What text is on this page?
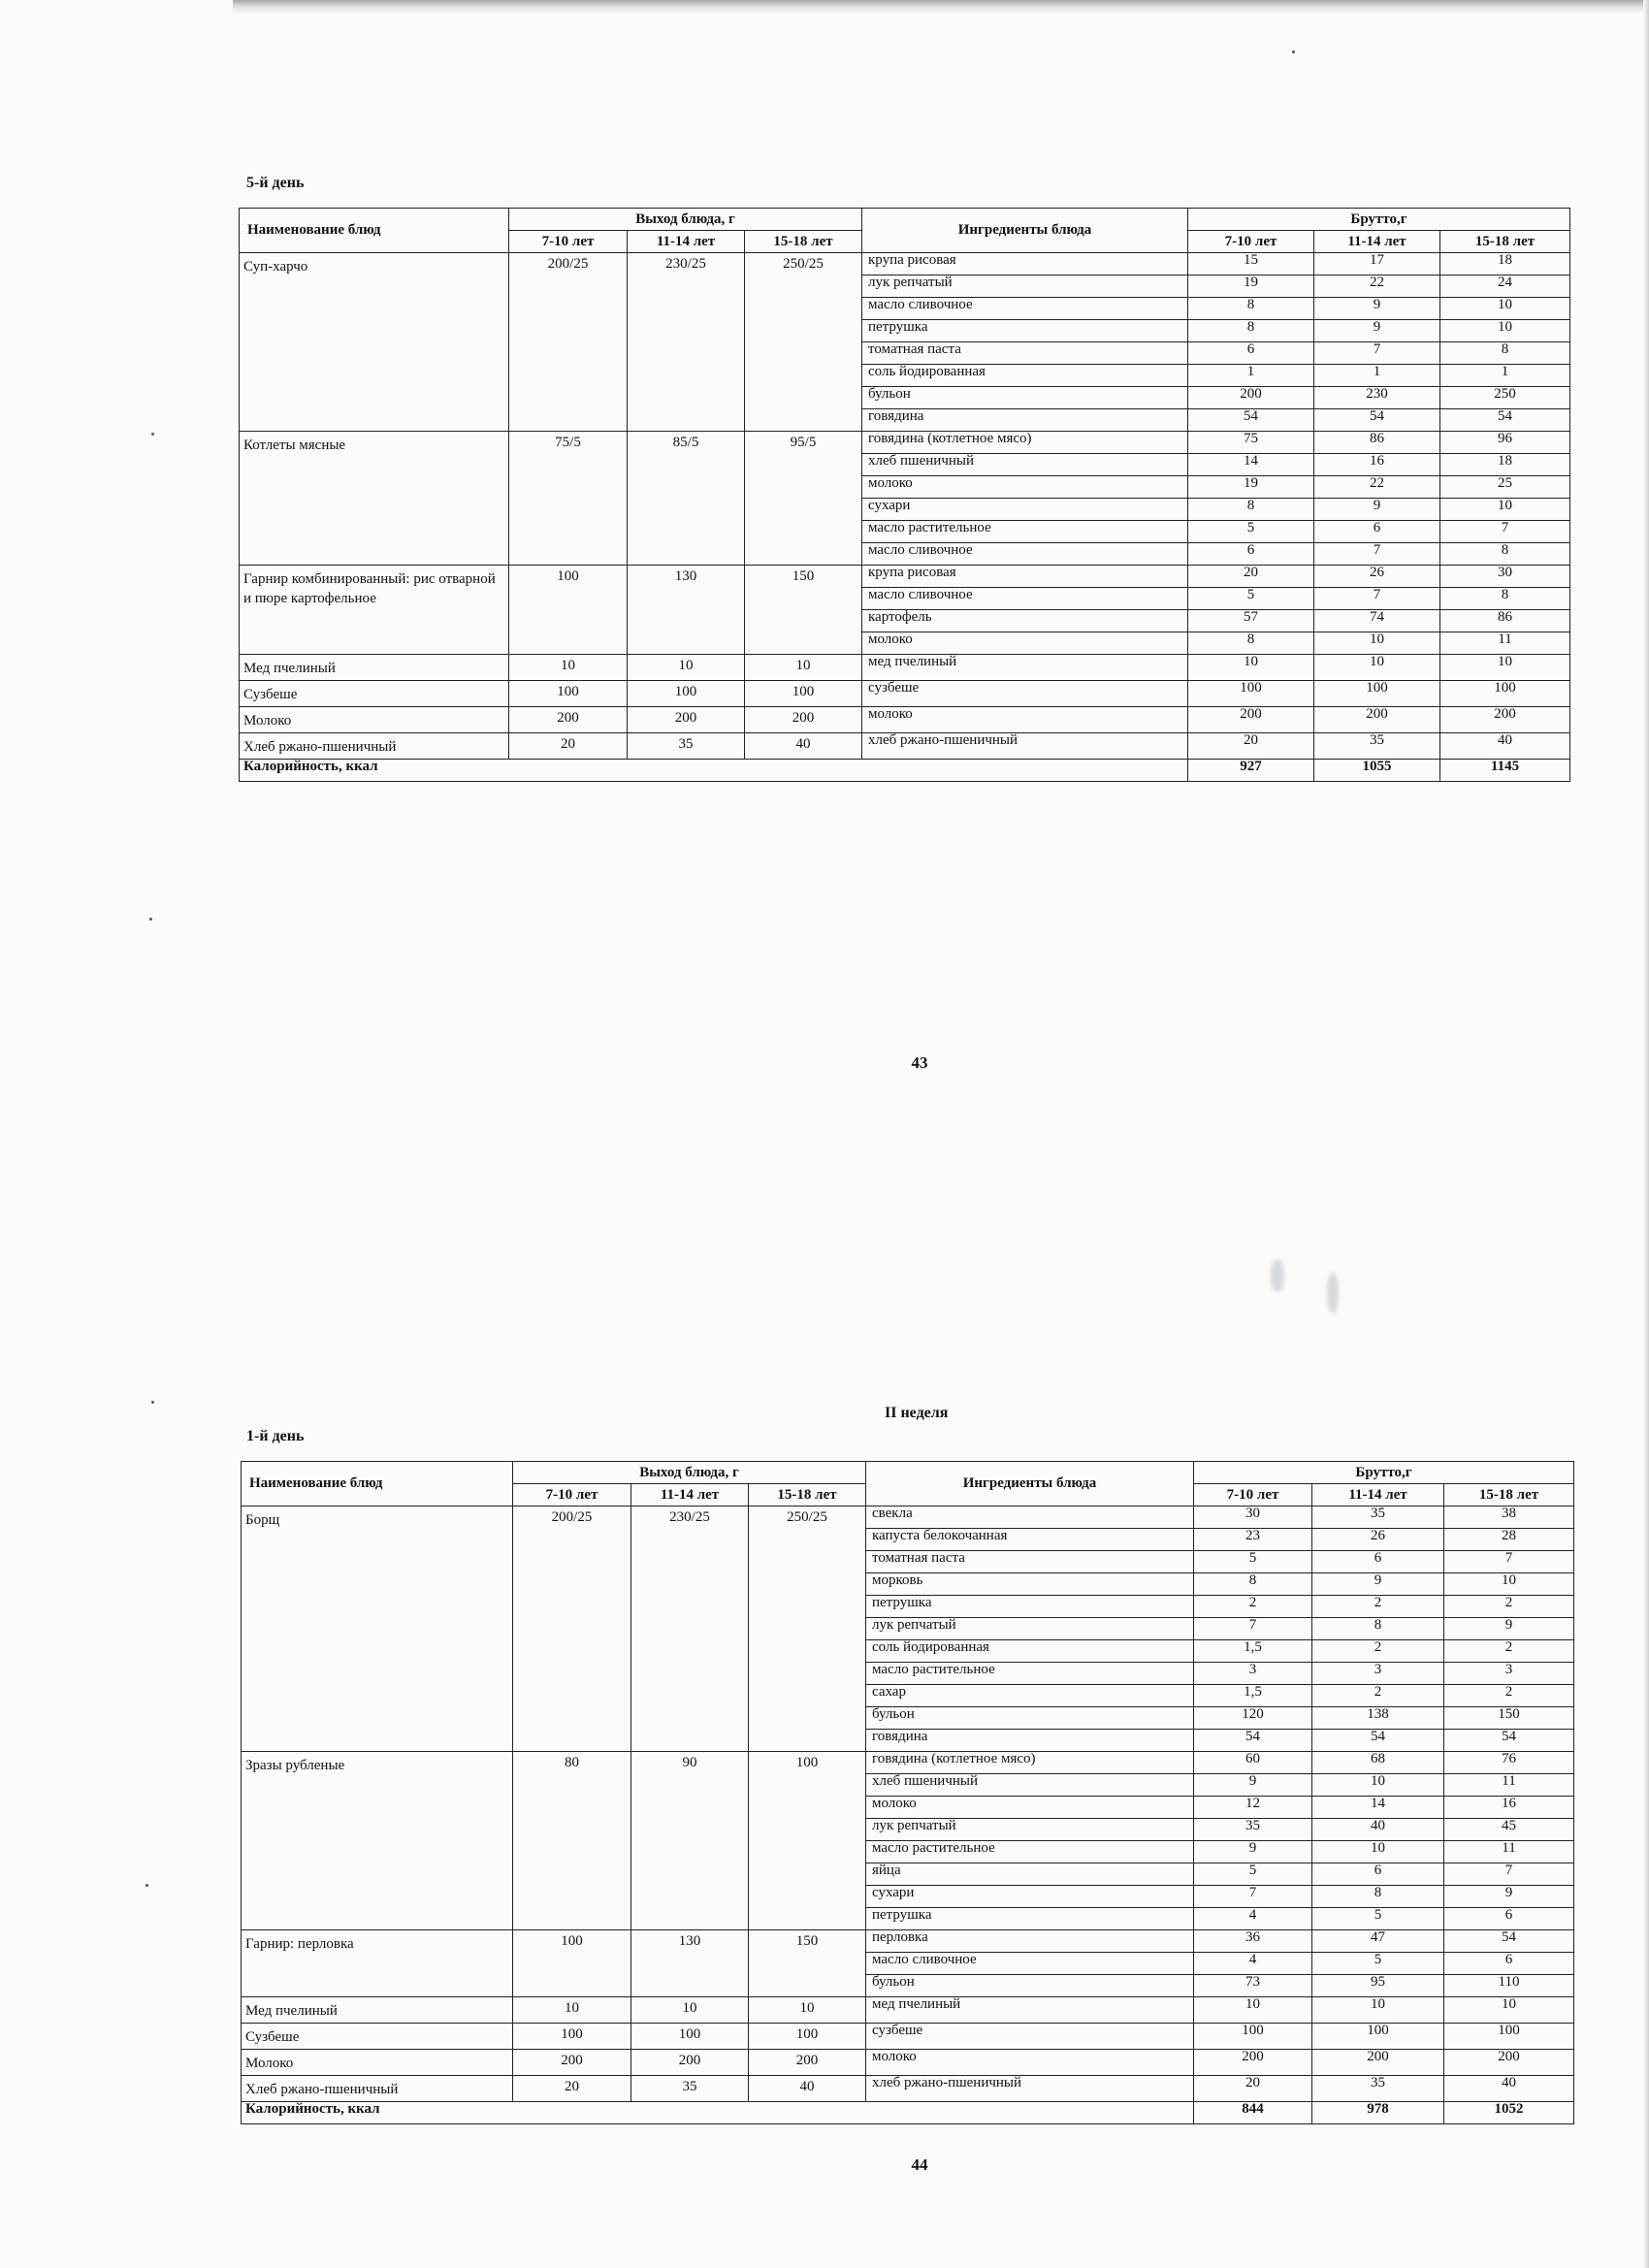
5-й день
Наименование блюд	Выход блюда, г			Ингредиенты блюда	Брутто,г		
	7-10 лет	11-14 лет	15-18 лет		7-10 лет	11-14 лет	15-18 лет
Суп-харчо	200/25	230/25	250/25	крупа рисовая	15	17	18
				лук репчатый	19	22	24
				масло сливочное	8	9	10
				петрушка	8	9	10
				томатная паста	6	7	8
				соль йодированная	1	1	1
				бульон	200	230	250
				говядина	54	54	54
Котлеты мясные	75/5	85/5	95/5	говядина (котлетное мясо)	75	86	96
				хлеб пшеничный	14	16	18
				молоко	19	22	25
				сухари	8	9	10
				масло растительное	5	6	7
				масло сливочное	6	7	8
Гарнир комбинированный: рис отварной и пюре картофельное	100	130	150	крупа рисовая	20	26	30
				масло сливочное	5	7	8
				картофель	57	74	86
				молоко	8	10	11
Мед пчелиный	10	10	10	мед пчелиный	10	10	10
Сузбеше	100	100	100	сузбеше	100	100	100
Молоко	200	200	200	молоко	200	200	200
Хлеб ржано-пшеничный	20	35	40	хлеб ржано-пшеничный	20	35	40
Калорийность, ккал					927	1055	1145
43
II неделя
1-й день
Наименование блюд	Выход блюда, г			Ингредиенты блюда	Брутто,г		
	7-10 лет	11-14 лет	15-18 лет		7-10 лет	11-14 лет	15-18 лет
Борщ	200/25	230/25	250/25	свекла	30	35	38
				капуста белокочанная	23	26	28
				томатная паста	5	6	7
				морковь	8	9	10
				петрушка	2	2	2
				лук репчатый	7	8	9
				соль йодированная	1,5	2	2
				масло растительное	3	3	3
				сахар	1,5	2	2
				бульон	120	138	150
				говядина	54	54	54
Зразы рубленые	80	90	100	говядина (котлетное мясо)	60	68	76
				хлеб пшеничный	9	10	11
				молоко	12	14	16
				лук репчатый	35	40	45
				масло растительное	9	10	11
				яйца	5	6	7
				сухари	7	8	9
				петрушка	4	5	6
Гарнир: перловка	100	130	150	перловка	36	47	54
				масло сливочное	4	5	6
				бульон	73	95	110
Мед пчелиный	10	10	10	мед пчелиный	10	10	10
Сузбеше	100	100	100	сузбеше	100	100	100
Молоко	200	200	200	молоко	200	200	200
Хлеб ржано-пшеничный	20	35	40	хлеб ржано-пшеничный	20	35	40
Калорийность, ккал					844	978	1052
44
